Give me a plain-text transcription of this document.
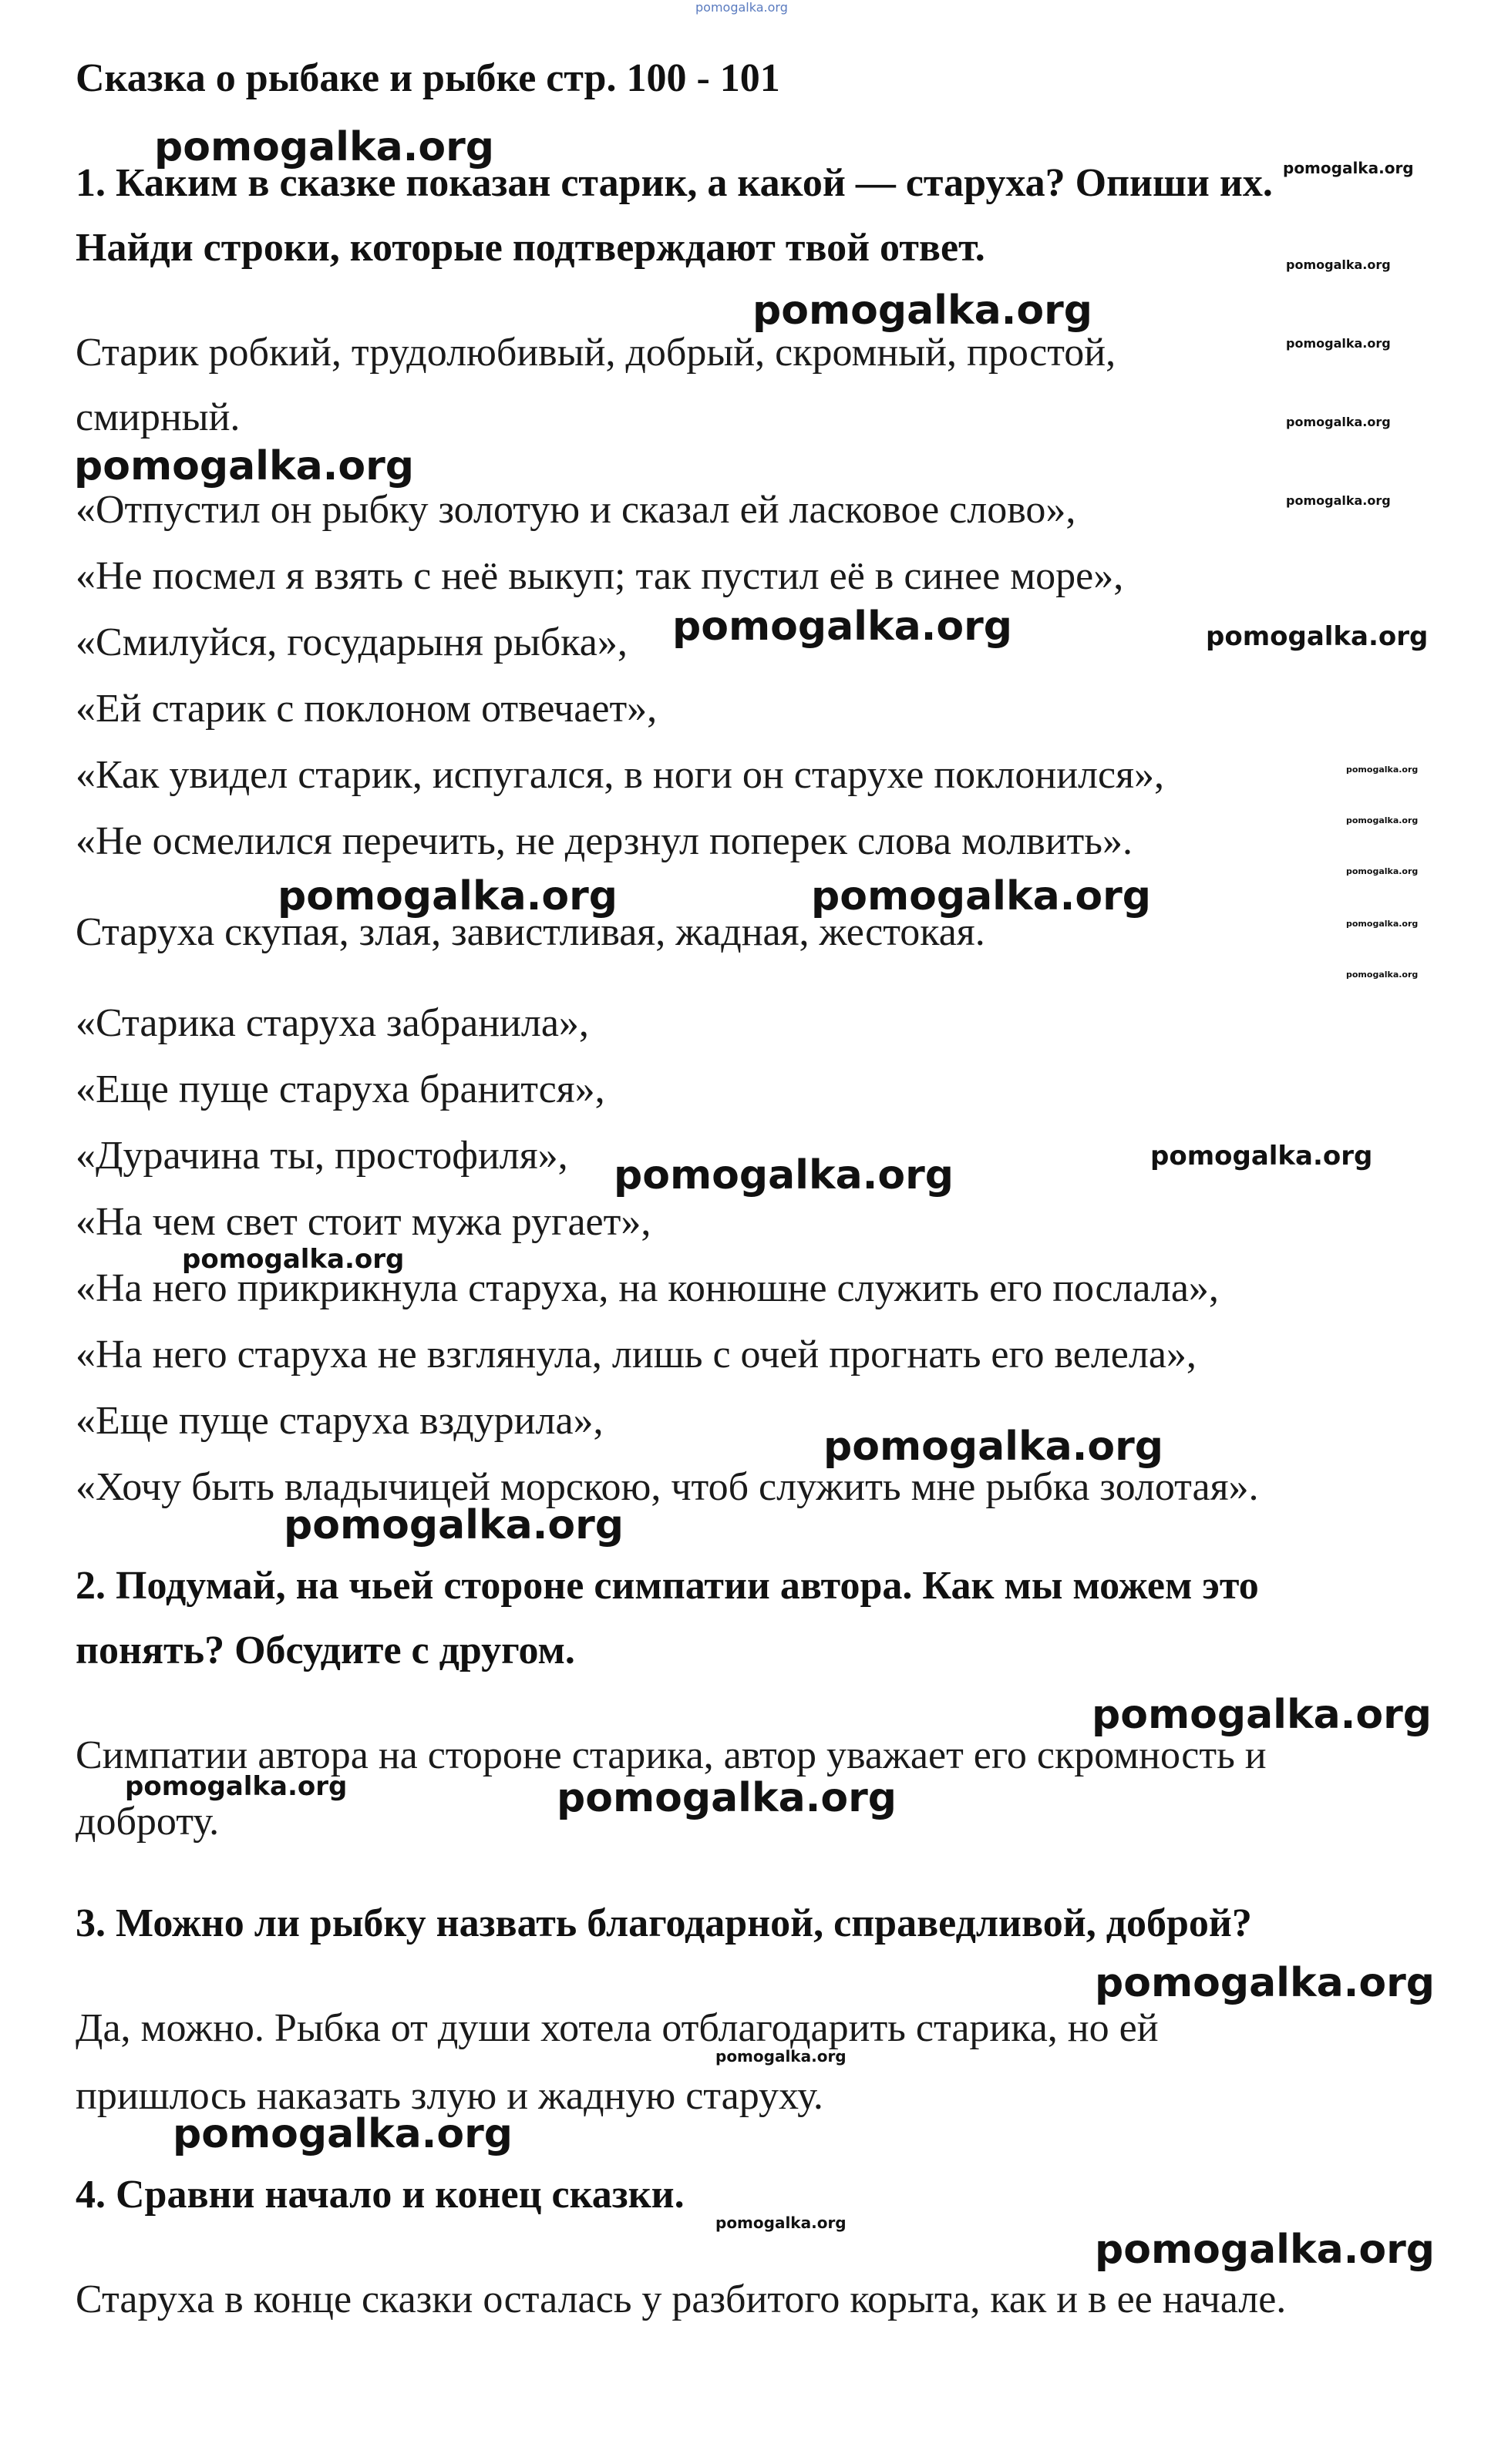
pomogalka.org
Сказка о рыбаке и рыбке стр. 100 - 101
1. Каким в сказке показан старик, а какой — старуха? Опиши их.
Найди строки, которые подтверждают твой ответ.
Старик робкий, трудолюбивый, добрый, скромный, простой,
смирный.
«Отпустил он рыбку золотую и сказал ей ласковое слово»,
«Не посмел я взять с неё выкуп; так пустил её в синее море»,
«Смилуйся, государыня рыбка»,
«Ей старик с поклоном отвечает»,
«Как увидел старик, испугался, в ноги он старухе поклонился»,
«Не осмелился перечить, не дерзнул поперек слова молвить».
Старуха скупая, злая, завистливая, жадная, жестокая.
«Старика старуха забранила»,
«Еще пуще старуха бранится»,
«Дурачина ты, простофиля»,
«На чем свет стоит мужа ругает»,
«На него прикрикнула старуха, на конюшне служить его послала»,
«На него старуха не взглянула, лишь с очей прогнать его велела»,
«Еще пуще старуха вздурила»,
«Хочу быть владычицей морскою, чтоб служить мне рыбка золотая».
2. Подумай, на чьей стороне симпатии автора. Как мы можем это
понять? Обсудите с другом.
Симпатии автора на стороне старика, автор уважает его скромность и
доброту.
3. Можно ли рыбку назвать благодарной, справедливой, доброй?
Да, можно. Рыбка от души хотела отблагодарить старика, но ей
пришлось наказать злую и жадную старуху.
4. Сравни начало и конец сказки.
Старуха в конце сказки осталась у разбитого корыта, как и в ее начале.
pomogalka.org
pomogalka.org
pomogalka.org
pomogalka.org
pomogalka.org	pomogalka.org
pomogalka.org
pomogalka.org
pomogalka.org
pomogalka.org
pomogalka.org
pomogalka.org
pomogalka.org
pomogalka.org
pomogalka.org
pomogalka.org
pomogalka.org
pomogalka.org
pomogalka.org
pomogalka.org
pomogalka.org
pomogalka.org
pomogalka.org
pomogalka.org
pomogalka.org
pomogalka.org
pomogalka.org
pomogalka.org
pomogalka.org
pomogalka.org
